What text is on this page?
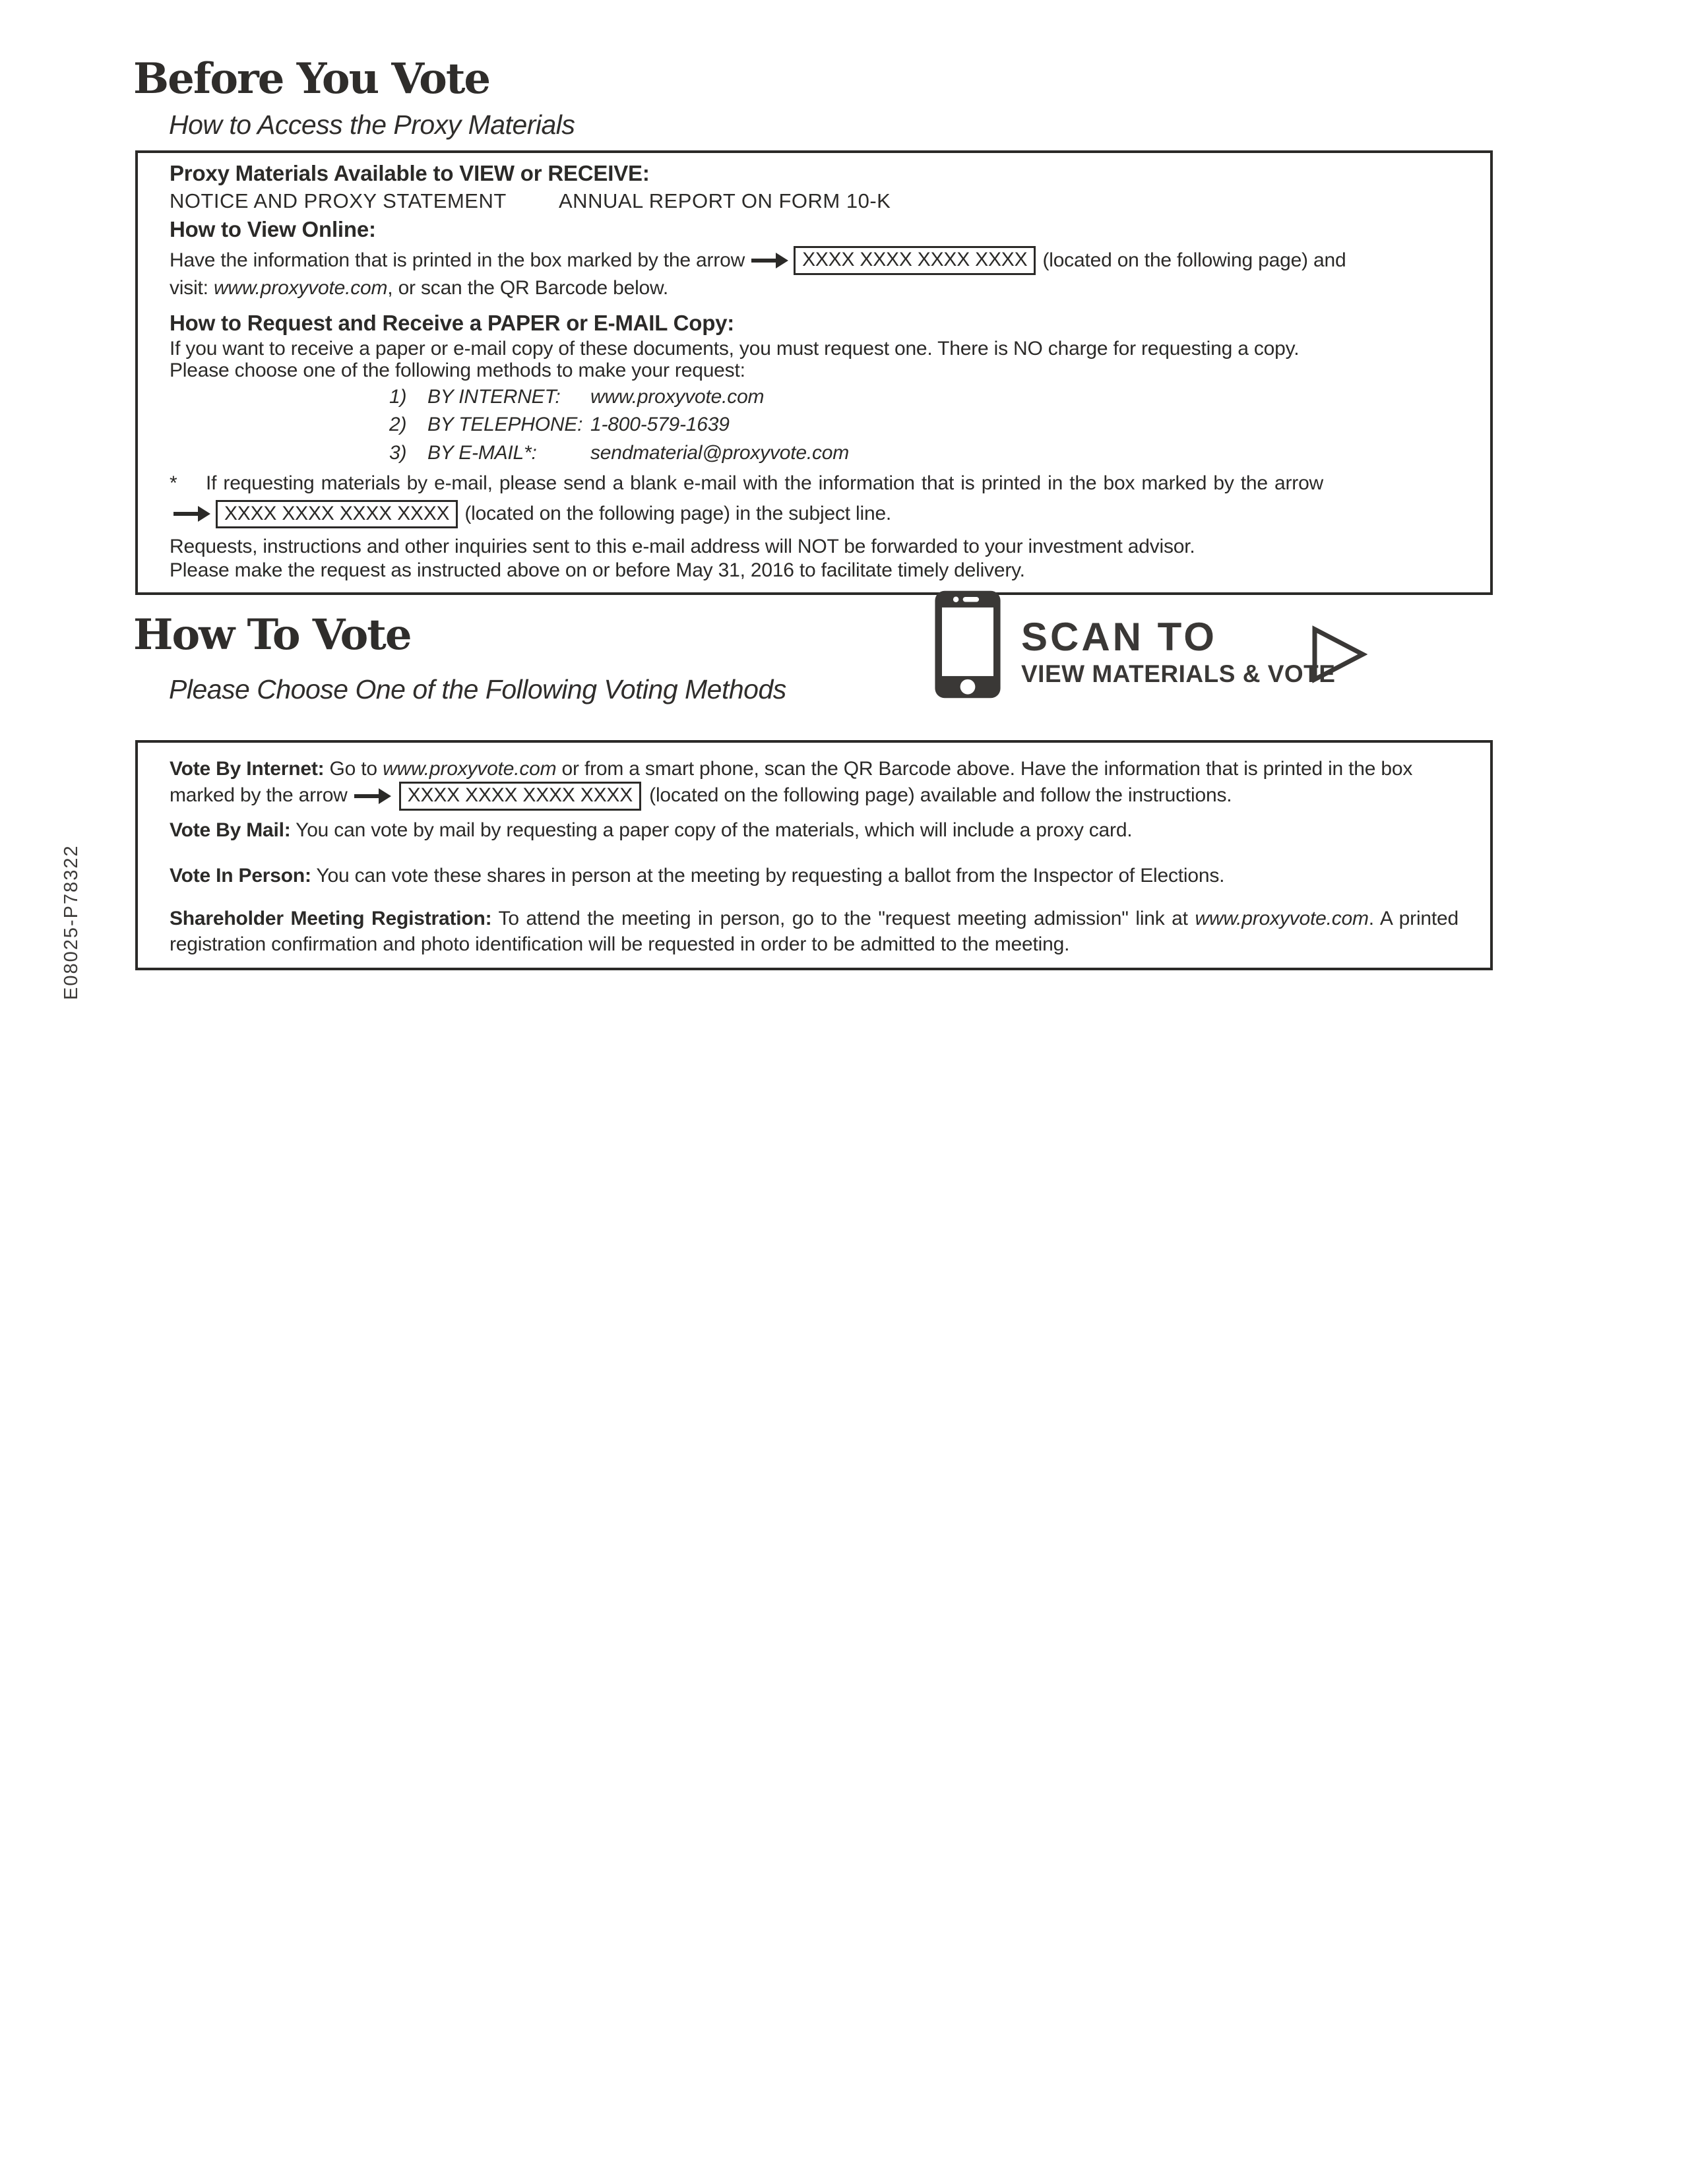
Before You Vote
How to Access the Proxy Materials
Proxy Materials Available to VIEW or RECEIVE:
NOTICE AND PROXY STATEMENT	ANNUAL REPORT ON FORM 10-K
How to View Online:
Have the information that is printed in the box marked by the arrow	XXXX XXXX XXXX XXXX (located on the following page) and
visit: www.proxyvote.com, or scan the QR Barcode below.
How to Request and Receive a PAPER or E-MAIL Copy:
If you want to receive a paper or e-mail copy of these documents, you must request one. There is NO charge for requesting a copy.
Please choose one of the following methods to make your request:
1)	BY INTERNET:	www.proxyvote.com
2)	BY TELEPHONE: 1-800-579-1639
3)	BY E-MAIL*:	sendmaterial@proxyvote.com
*	If requesting materials by e-mail, please send a blank e-mail with the information that is printed in the box marked by the arrow
XXXX XXXX XXXX XXXX (located on the following page) in the subject line.
Requests, instructions and other inquiries sent to this e-mail address will NOT be forwarded to your investment advisor.
Please make the request as instructed above on or before May 31, 2016 to facilitate timely delivery.
How To Vote
Please Choose One of the Following Voting Methods
SCAN TO
VIEW MATERIALS & VOTE
Vote By Internet: Go to www.proxyvote.com or from a smart phone, scan the QR Barcode above. Have the information that is printed in the box marked by the arrow	XXXX XXXX XXXX XXXX (located on the following page) available and follow the instructions.
Vote By Mail: You can vote by mail by requesting a paper copy of the materials, which will include a proxy card.
Vote In Person: You can vote these shares in person at the meeting by requesting a ballot from the Inspector of Elections.
Shareholder Meeting Registration: To attend the meeting in person, go to the "request meeting admission" link at www.proxyvote.com. A printed registration confirmation and photo identification will be requested in order to be admitted to the meeting.
E08025-P78322
